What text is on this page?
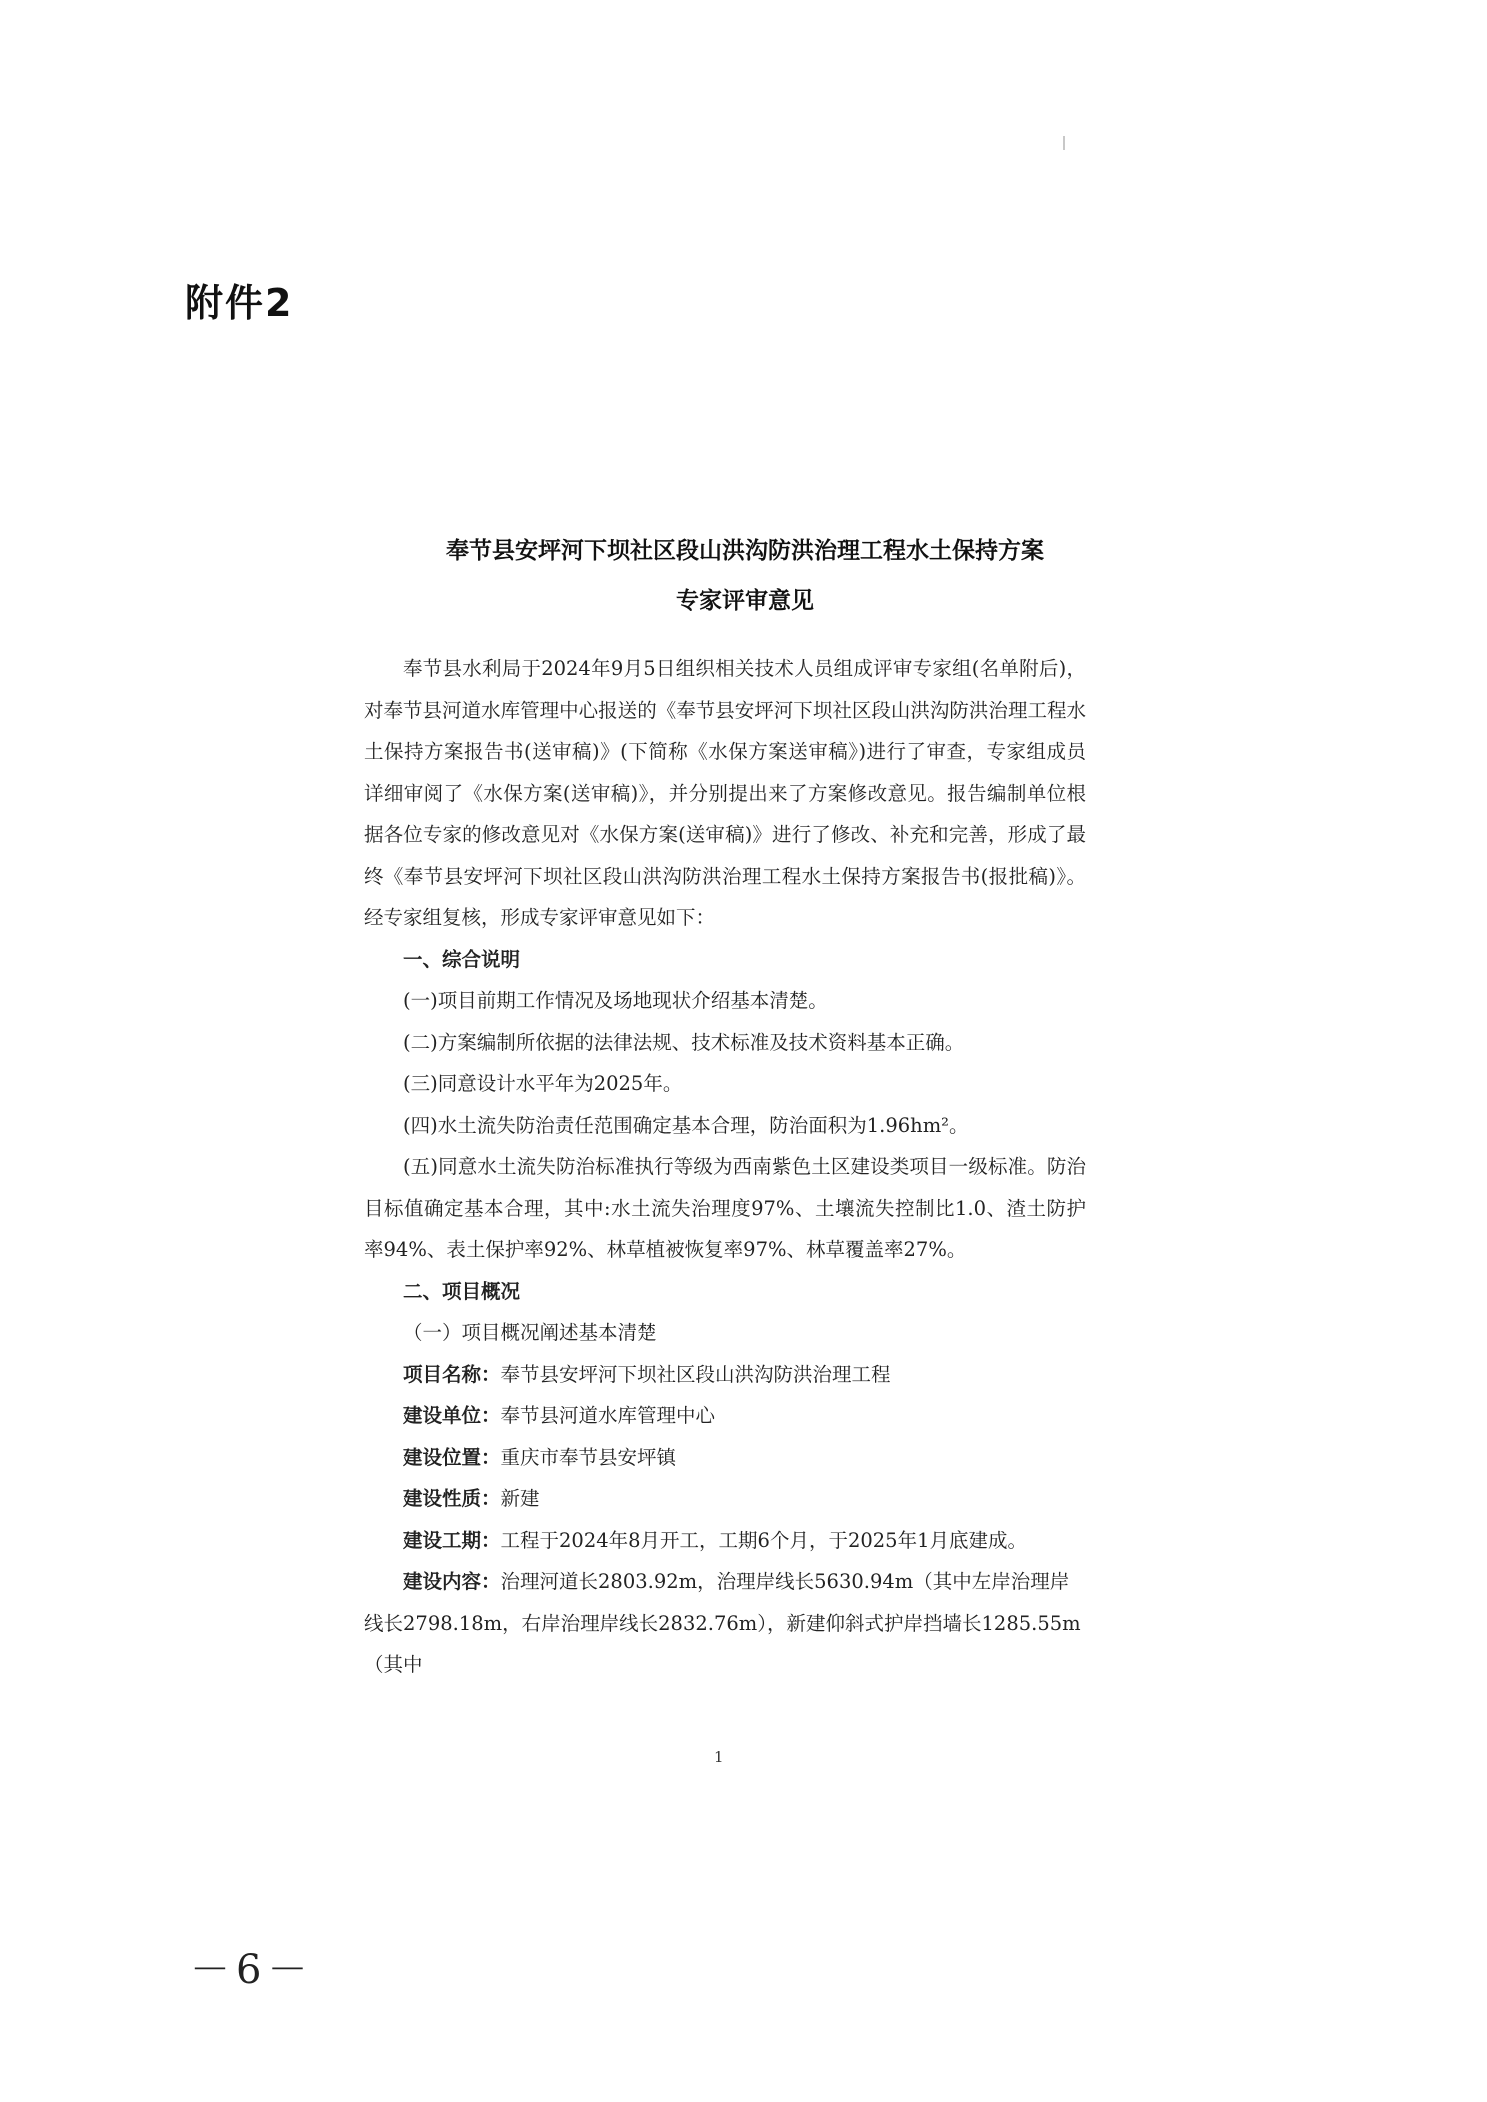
附件2
奉节县安坪河下坝社区段山洪沟防洪治理工程水土保持方案
专家评审意见

奉节县水利局于2024年9月5日组织相关技术人员组成评审专家组(名单附后)，对奉节县河道水库管理中心报送的《奉节县安坪河下坝社区段山洪沟防洪治理工程水土保持方案报告书(送审稿)》(下简称《水保方案送审稿》)进行了审查，专家组成员详细审阅了《水保方案(送审稿)》，并分别提出来了方案修改意见。报告编制单位根据各位专家的修改意见对《水保方案(送审稿)》进行了修改、补充和完善，形成了最终《奉节县安坪河下坝社区段山洪沟防洪治理工程水土保持方案报告书(报批稿)》。经专家组复核，形成专家评审意见如下：

一、综合说明

(一)项目前期工作情况及场地现状介绍基本清楚。

(二)方案编制所依据的法律法规、技术标准及技术资料基本正确。

(三)同意设计水平年为2025年。

(四)水土流失防治责任范围确定基本合理，防治面积为1.96hm²。

(五)同意水土流失防治标准执行等级为西南紫色土区建设类项目一级标准。防治目标值确定基本合理，其中:水土流失治理度97%、土壤流失控制比1.0、渣土防护率94%、表土保护率92%、林草植被恢复率97%、林草覆盖率27%。

二、项目概况

（一）项目概况阐述基本清楚

项目名称：奉节县安坪河下坝社区段山洪沟防洪治理工程

建设单位：奉节县河道水库管理中心

建设位置：重庆市奉节县安坪镇

建设性质：新建

建设工期：工程于2024年8月开工，工期6个月，于2025年1月底建成。

建设内容：治理河道长2803.92m，治理岸线长5630.94m（其中左岸治理岸线长2798.18m，右岸治理岸线长2832.76m），新建仰斜式护岸挡墙长1285.55m（其中

1
－6－
